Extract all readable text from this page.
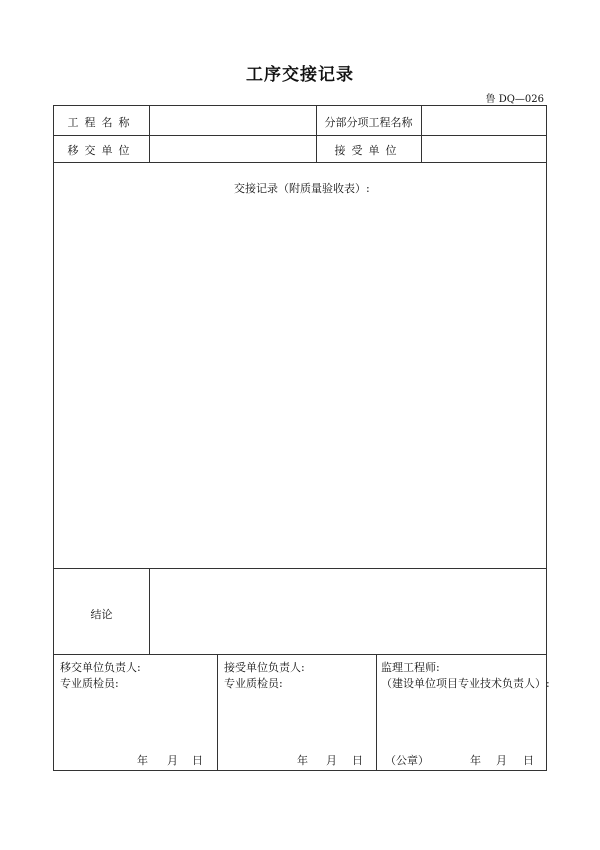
工序交接记录
鲁 DQ—026
工程名称	分部分项工程名称
移交单位	接受单位
交接记录（附质量验收表）:
结论
移交单位负责人:
专业质检员:
年 月 日
接受单位负责人:
专业质检员:
年 月 日
监理工程师:
（建设单位项目专业技术负责人）:
（公章）	年 月 日
